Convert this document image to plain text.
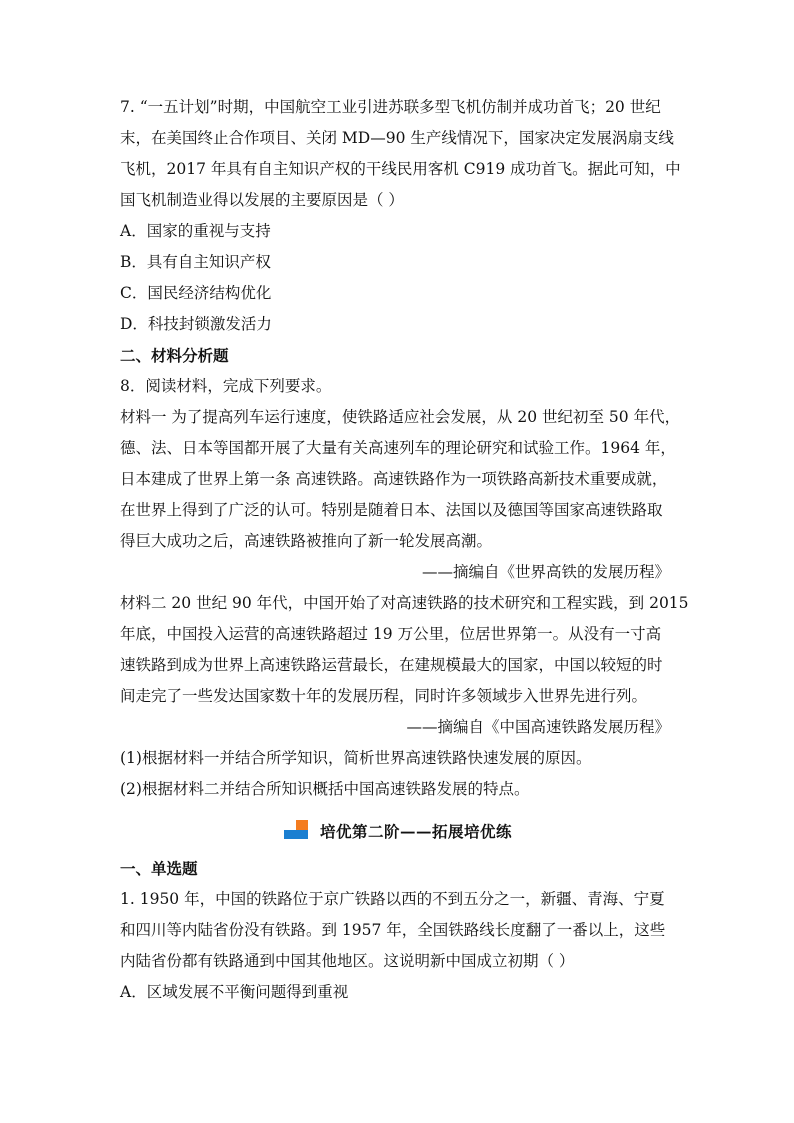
7. “一五计划”时期，中国航空工业引进苏联多型飞机仿制并成功首飞；20 世纪
末，在美国终止合作项目、关闭 MD—90 生产线情况下，国家决定发展涡扇支线
飞机，2017 年具有自主知识产权的干线民用客机 C919 成功首飞。据此可知，中
国飞机制造业得以发展的主要原因是（ ）
A．国家的重视与支持
B．具有自主知识产权
C．国民经济结构优化
D．科技封锁激发活力
二、材料分析题
8．阅读材料，完成下列要求。
材料一 为了提高列车运行速度，使铁路适应社会发展，从 20 世纪初至 50 年代，
德、法、日本等国都开展了大量有关高速列车的理论研究和试验工作。1964 年，
日本建成了世界上第一条 高速铁路。高速铁路作为一项铁路高新技术重要成就，
在世界上得到了广泛的认可。特别是随着日本、法国以及德国等国家高速铁路取
得巨大成功之后，高速铁路被推向了新一轮发展高潮。
——摘编自《世界高铁的发展历程》
材料二 20 世纪 90 年代，中国开始了对高速铁路的技术研究和工程实践，到 2015
年底，中国投入运营的高速铁路超过 19 万公里，位居世界第一。从没有一寸高
速铁路到成为世界上高速铁路运营最长，在建规模最大的国家，中国以较短的时
间走完了一些发达国家数十年的发展历程，同时许多领域步入世界先进行列。
——摘编自《中国高速铁路发展历程》
(1)根据材料一并结合所学知识，简析世界高速铁路快速发展的原因。
(2)根据材料二并结合所知识概括中国高速铁路发展的特点。
培优第二阶——拓展培优练
一、单选题
1. 1950 年，中国的铁路位于京广铁路以西的不到五分之一，新疆、青海、宁夏
和四川等内陆省份没有铁路。到 1957 年，全国铁路线长度翻了一番以上，这些
内陆省份都有铁路通到中国其他地区。这说明新中国成立初期（ ）
A．区域发展不平衡问题得到重视
